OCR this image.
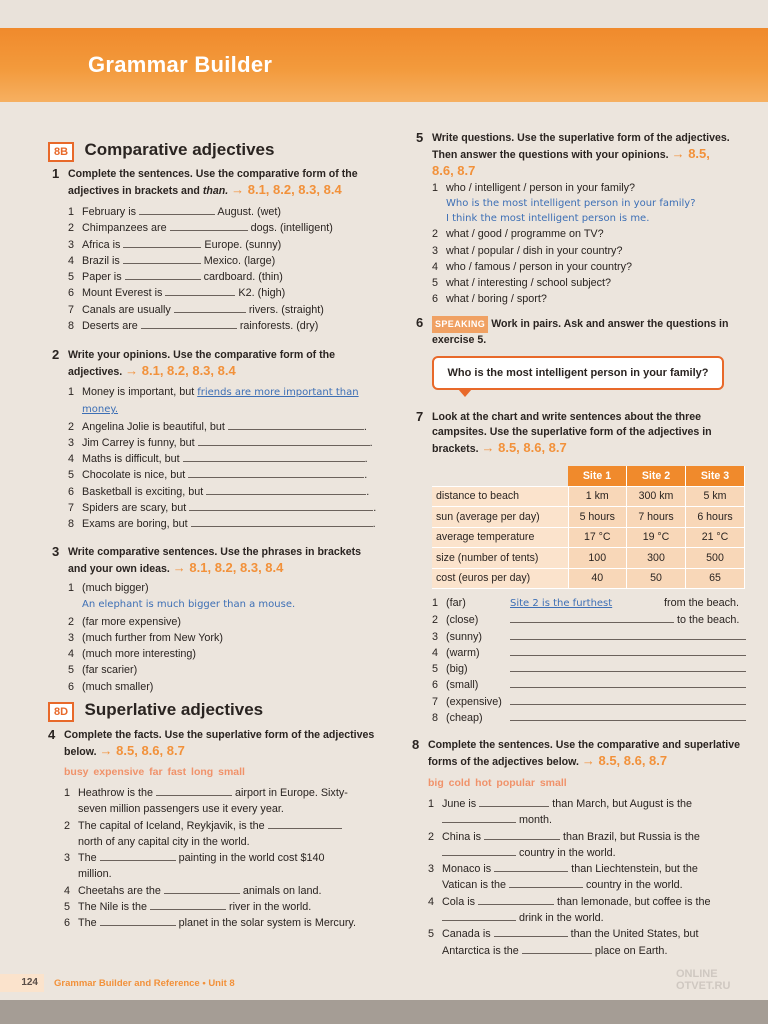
Grammar Builder
8B Comparative adjectives
1 Complete the sentences. Use the comparative form of the
adjectives in brackets and than. → 8.1, 8.2, 8.3, 8.4
1 February is	August. (wet)
2 Chimpanzees are	dogs. (intelligent)
3 Africa is	Europe. (sunny)
4 Brazil is	Mexico. (large)
5 Paper is	cardboard. (thin)
6 Mount Everest is	K2. (high)
7 Canals are usually	rivers. (straight)
8 Deserts are	rainforests. (dry)
2 Write your opinions. Use the comparative form of the
adjectives. → 8.1, 8.2, 8.3, 8.4
1 Money is important, but friends are more important than
money.
2 Angelina Jolie is beautiful, but	.
3 Jim Carrey is funny, but	.
4 Maths is difficult, but	.
5 Chocolate is nice, but	.
6 Basketball is exciting, but	.
7 Spiders are scary, but	.
8 Exams are boring, but	.
3 Write comparative sentences. Use the phrases in brackets
and your own ideas. → 8.1, 8.2, 8.3, 8.4
1 (much bigger)
An elephant is much bigger than a mouse.
2 (far more expensive)
3 (much further from New York)
4 (much more interesting)
5 (far scarier)
6 (much smaller)
8D Superlative adjectives
4 Complete the facts. Use the superlative form of the adjectives
below. → 8.5, 8.6, 8.7
busy expensive far fast long small
1 Heathrow is the	airport in Europe. Sixty-
seven million passengers use it every year.
2 The capital of Iceland, Reykjavik, is the
north of any capital city in the world.
3 The	painting in the world cost $140
million.
4 Cheetahs are the	animals on land.
5 The Nile is the	river in the world.
6 The	planet in the solar system is Mercury.
5 Write questions. Use the superlative form of the adjectives.
Then answer the questions with your opinions. → 8.5,
8.6, 8.7
1 who / intelligent / person in your family?
Who is the most intelligent person in your family?
I think the most intelligent person is me.
2 what / good / programme on TV?
3 what / popular / dish in your country?
4 who / famous / person in your country?
5 what / interesting / school subject?
6 what / boring / sport?
6	SPEAKING Work in pairs. Ask and answer the questions in
exercise 5.
Who is the most intelligent person in your family?
7 Look at the chart and write sentences about the three
campsites. Use the superlative form of the adjectives in
brackets. → 8.5, 8.6, 8.7
	Site 1	Site 2	Site 3
distance to beach	1 km	300 km	5 km
sun (average per day)	5 hours	7 hours	6 hours
average temperature	17 °C	19 °C	21 °C
size (number of tents)	100	300	500
cost (euros per day)	40	50	65
1 (far)	Site 2 is the furthest	from the beach.
2 (close)	to the beach.
3 (sunny)
4 (warm)
5 (big)
6 (small)
7 (expensive)
8 (cheap)
8 Complete the sentences. Use the comparative and superlative
forms of the adjectives below. → 8.5, 8.6, 8.7
big cold hot popular small
1 June is	than March, but August is the
month.
2 China is	than Brazil, but Russia is the
country in the world.
3 Monaco is	than Liechtenstein, but the
Vatican is the	country in the world.
4 Cola is	than lemonade, but coffee is the
drink in the world.
5 Canada is	than the United States, but
Antarctica is the	place on Earth.
124	Grammar Builder and Reference • Unit 8
ONLINE
OTVET.RU
